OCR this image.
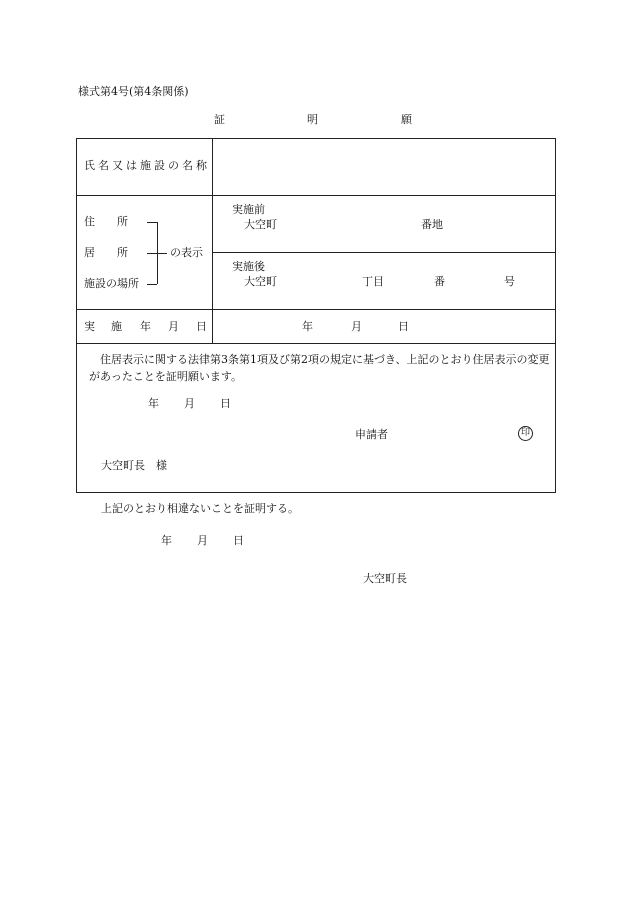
様式第4号(第4条関係)
証	明	願
氏名又は施設の名称
住　　所
居　　所
施設の場所
の表示
実施前
大空町	番地
実施後
大空町	丁目	番	号
実 施 年 月 日	年	月	日
住居表示に関する法律第3条第1項及び第2項の規定に基づき、上記のとおり住居表示の変更があったことを証明願います。
年 月 日
申請者	印
大空町長　様
上記のとおり相違ないことを証明する。
年 月 日
大空町長
